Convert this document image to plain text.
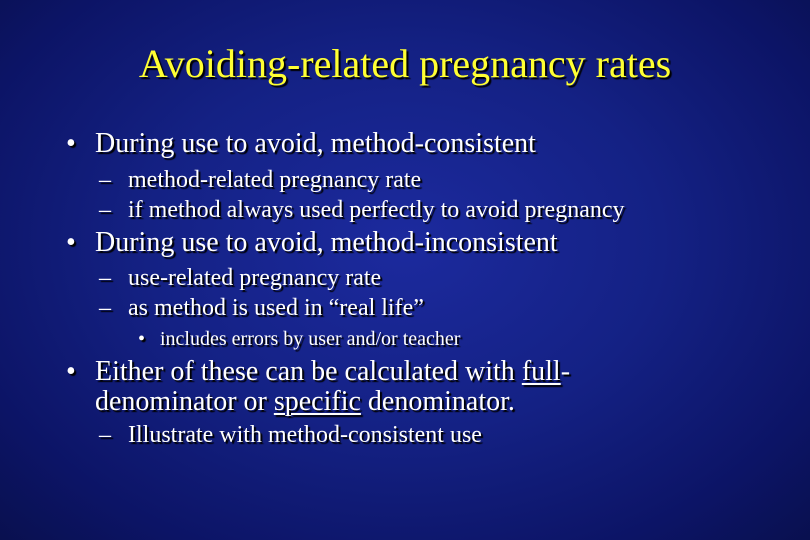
Avoiding-related pregnancy rates
• During use to avoid, method-consistent
– method-related pregnancy rate
– if method always used perfectly to avoid pregnancy
• During use to avoid, method-inconsistent
– use-related pregnancy rate
– as method is used in “real life”
• includes errors by user and/or teacher
• Either of these can be calculated with full-
denominator or specific denominator.
– Illustrate with method-consistent use
